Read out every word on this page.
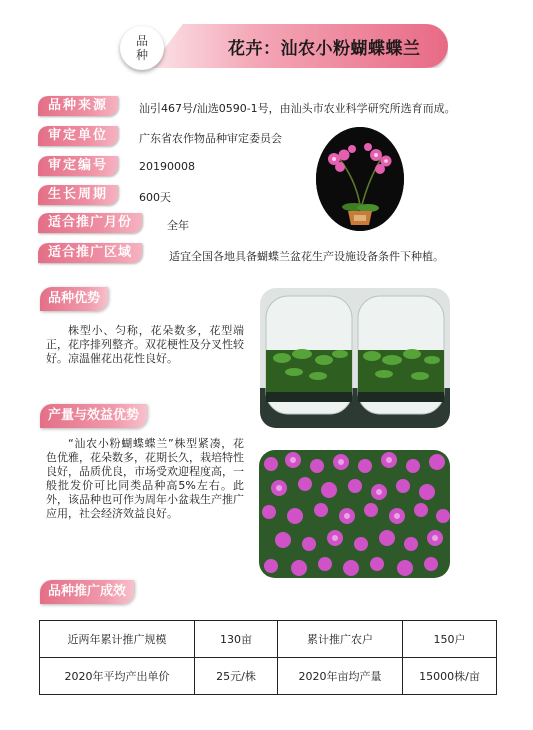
品
种	花卉：汕农小粉蝴蝶蝶兰
品种来源	汕引467号/汕选0590-1号，由汕头市农业科学研究所选育而成。
审定单位	广东省农作物品种审定委员会
审定编号	20190008
生长周期	600天
适合推广月份	全年
适合推广区域	适宜全国各地具备蝴蝶兰盆花生产设施设备条件下种植。
品种优势
株型小、匀称，花朵数多，花型端正，花序排列整齐。双花梗性及分叉性较好。凉温催花出花性良好。
产量与效益优势
“汕农小粉蝴蝶蝶兰”株型紧凑，花色优雅，花朵数多，花期长久，栽培特性良好，品质优良，市场受欢迎程度高，一般批发价可比同类品种高5%左右。此外，该品种也可作为周年小盆栽生产推广应用，社会经济效益良好。
品种推广成效
近两年累计推广规模	130亩	累计推广农户	150户
2020年平均产出单价	25元/株	2020年亩均产量	15000株/亩
